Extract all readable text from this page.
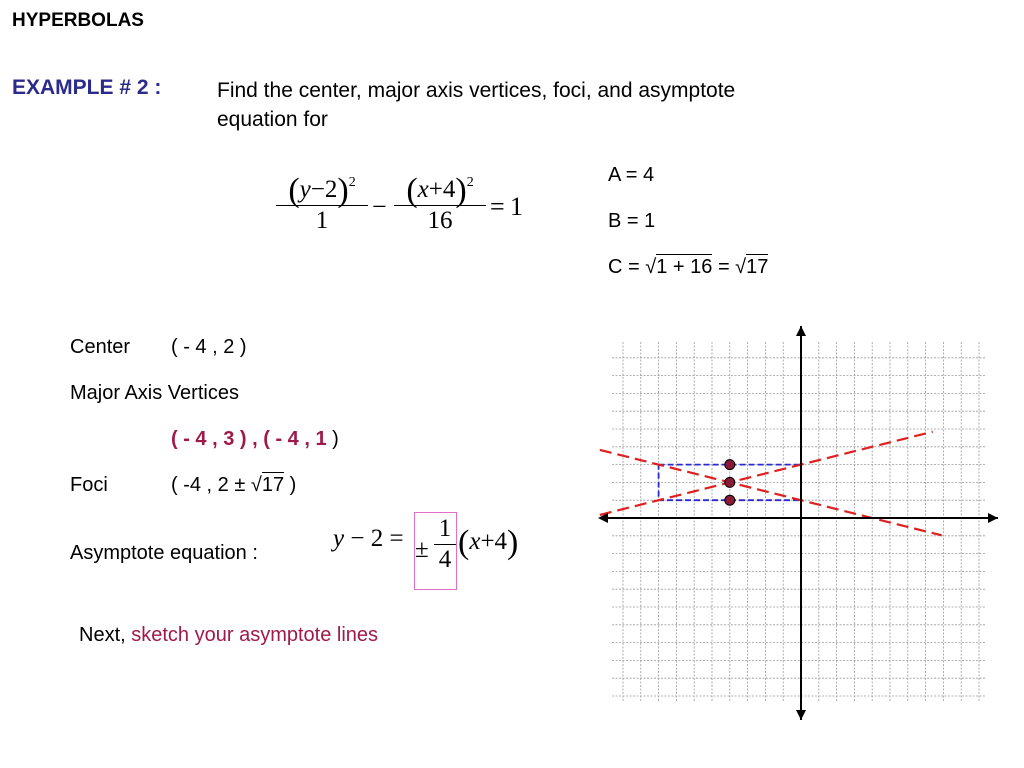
HYPERBOLAS
EXAMPLE # 2 :	Find the center, major axis vertices, foci, and asymptote equation for
$\frac{(y-2)^2}{1} - \frac{(x+4)^2}{16} = 1$
A = 4
B = 1
C = √1 + 16 = √17
Center ( - 4 , 2 )
Major Axis Vertices
( - 4 , 3 ) , ( - 4 , 1 )
Foci	( -4 , 2 ± √17 )
Asymptote equation :
y − 2 = ± $\frac{1}{4} (x+4)$
Next, sketch your asymptote lines
